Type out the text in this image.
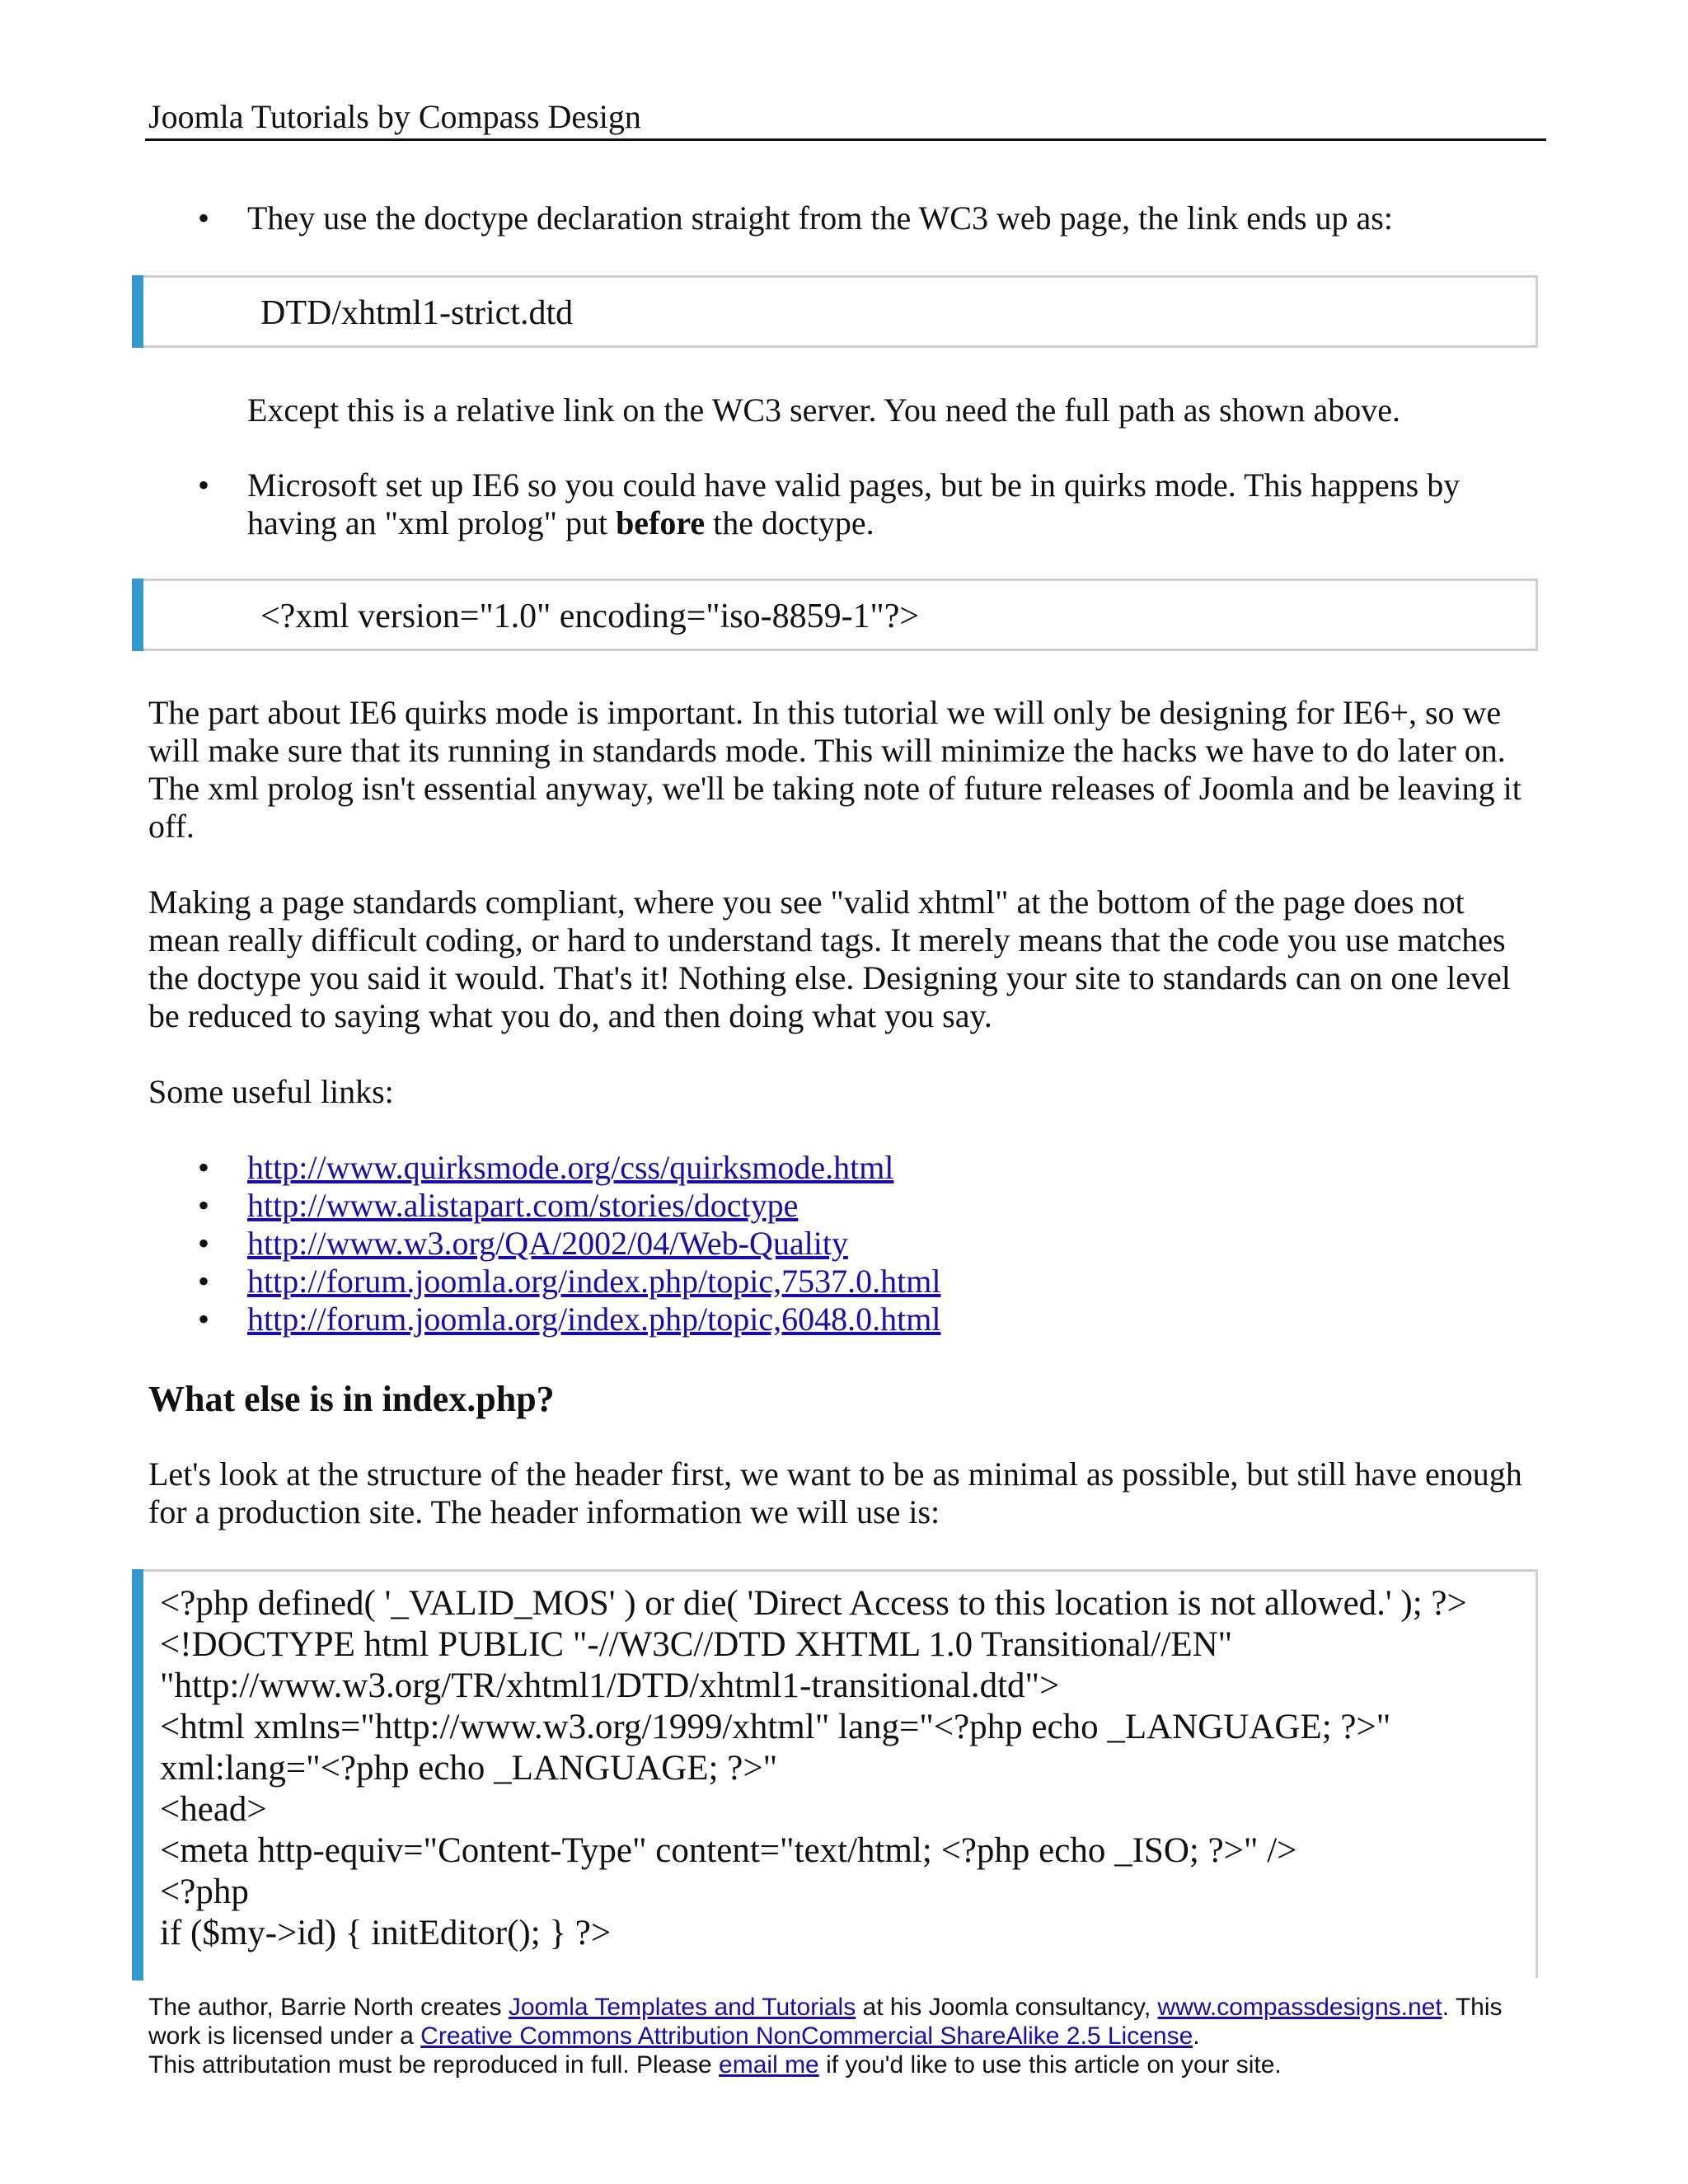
Joomla Tutorials by Compass Design
• They use the doctype declaration straight from the WC3 web page, the link ends up as:
DTD/xhtml1-strict.dtd
Except this is a relative link on the WC3 server. You need the full path as shown above.
• Microsoft set up IE6 so you could have valid pages, but be in quirks mode. This happens by
having an "xml prolog" put before the doctype.
<?xml version="1.0" encoding="iso-8859-1"?>
The part about IE6 quirks mode is important. In this tutorial we will only be designing for IE6+, so we
will make sure that its running in standards mode. This will minimize the hacks we have to do later on.
The xml prolog isn't essential anyway, we'll be taking note of future releases of Joomla and be leaving it
off.
Making a page standards compliant, where you see "valid xhtml" at the bottom of the page does not
mean really difficult coding, or hard to understand tags. It merely means that the code you use matches
the doctype you said it would. That's it! Nothing else. Designing your site to standards can on one level
be reduced to saying what you do, and then doing what you say.
Some useful links:
• http://www.quirksmode.org/css/quirksmode.html
• http://www.alistapart.com/stories/doctype
• http://www.w3.org/QA/2002/04/Web-Quality
• http://forum.joomla.org/index.php/topic,7537.0.html
• http://forum.joomla.org/index.php/topic,6048.0.html
What else is in index.php?
Let's look at the structure of the header first, we want to be as minimal as possible, but still have enough
for a production site. The header information we will use is:
<?php defined( '_VALID_MOS' ) or die( 'Direct Access to this location is not allowed.' ); ?>
<!DOCTYPE html PUBLIC "-//W3C//DTD XHTML 1.0 Transitional//EN"
"http://www.w3.org/TR/xhtml1/DTD/xhtml1-transitional.dtd">
<html xmlns="http://www.w3.org/1999/xhtml" lang="<?php echo _LANGUAGE; ?>"
xml:lang="<?php echo _LANGUAGE; ?>"
<head>
<meta http-equiv="Content-Type" content="text/html; <?php echo _ISO; ?>" />
<?php
if ($my->id) { initEditor(); } ?>
The author, Barrie North creates Joomla Templates and Tutorials at his Joomla consultancy, www.compassdesigns.net. This
work is licensed under a Creative Commons Attribution NonCommercial ShareAlike 2.5 License.
This attributation must be reproduced in full. Please email me if you'd like to use this article on your site.
